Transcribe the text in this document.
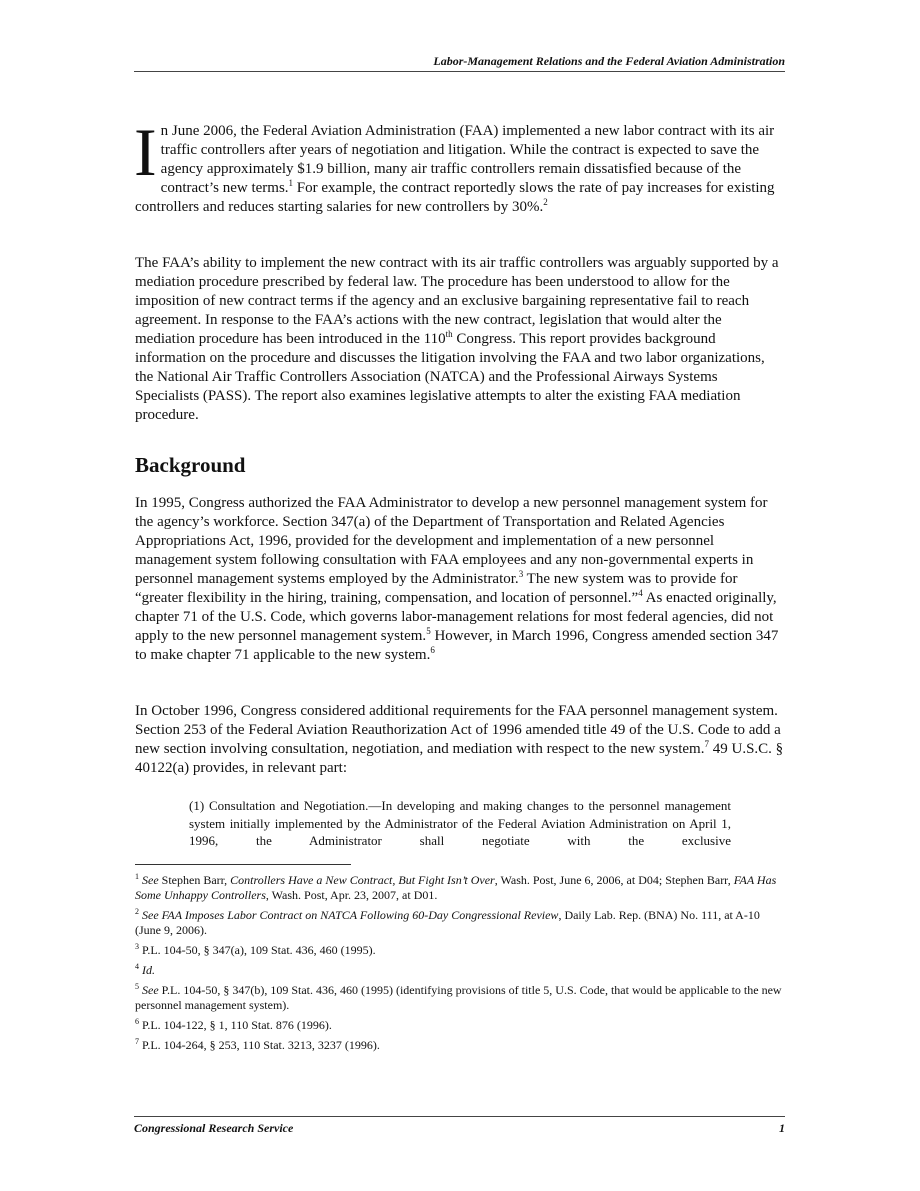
Labor-Management Relations and the Federal Aviation Administration

In June 2006, the Federal Aviation Administration (FAA) implemented a new labor contract with its air traffic controllers after years of negotiation and litigation. While the contract is expected to save the agency approximately $1.9 billion, many air traffic controllers remain dissatisfied because of the contract’s new terms.$^1$ For example, the contract reportedly slows the rate of pay increases for existing controllers and reduces starting salaries for new controllers by 30%.$^2$

The FAA’s ability to implement the new contract with its air traffic controllers was arguably supported by a mediation procedure prescribed by federal law. The procedure has been understood to allow for the imposition of new contract terms if the agency and an exclusive bargaining representative fail to reach agreement. In response to the FAA’s actions with the new contract, legislation that would alter the mediation procedure has been introduced in the 110th Congress. This report provides background information on the procedure and discusses the litigation involving the FAA and two labor organizations, the National Air Traffic Controllers Association (NATCA) and the Professional Airways Systems Specialists (PASS). The report also examines legislative attempts to alter the existing FAA mediation procedure.

Background

In 1995, Congress authorized the FAA Administrator to develop a new personnel management system for the agency’s workforce. Section 347(a) of the Department of Transportation and Related Agencies Appropriations Act, 1996, provided for the development and implementation of a new personnel management system following consultation with FAA employees and any non-governmental experts in personnel management systems employed by the Administrator.$^3$ The new system was to provide for “greater flexibility in the hiring, training, compensation, and location of personnel.”$^4$ As enacted originally, chapter 71 of the U.S. Code, which governs labor-management relations for most federal agencies, did not apply to the new personnel management system.$^5$ However, in March 1996, Congress amended section 347 to make chapter 71 applicable to the new system.$^6$

In October 1996, Congress considered additional requirements for the FAA personnel management system. Section 253 of the Federal Aviation Reauthorization Act of 1996 amended title 49 of the U.S. Code to add a new section involving consultation, negotiation, and mediation with respect to the new system.$^7$ 49 U.S.C. § 40122(a) provides, in relevant part:

(1) Consultation and Negotiation.—In developing and making changes to the personnel management system initially implemented by the Administrator of the Federal Aviation Administration on April 1, 1996, the Administrator shall negotiate with the exclusive
$^1$ See Stephen Barr, Controllers Have a New Contract, But Fight Isn’t Over, Wash. Post, June 6, 2006, at D04; Stephen Barr, FAA Has Some Unhappy Controllers, Wash. Post, Apr. 23, 2007, at D01.
$^2$ See FAA Imposes Labor Contract on NATCA Following 60-Day Congressional Review, Daily Lab. Rep. (BNA) No. 111, at A-10 (June 9, 2006).
$^3$ P.L. 104-50, § 347(a), 109 Stat. 436, 460 (1995).
$^4$ Id.
$^5$ See P.L. 104-50, § 347(b), 109 Stat. 436, 460 (1995) (identifying provisions of title 5, U.S. Code, that would be applicable to the new personnel management system).
$^6$ P.L. 104-122, § 1, 110 Stat. 876 (1996).
$^7$ P.L. 104-264, § 253, 110 Stat. 3213, 3237 (1996).
Congressional Research Service	1
